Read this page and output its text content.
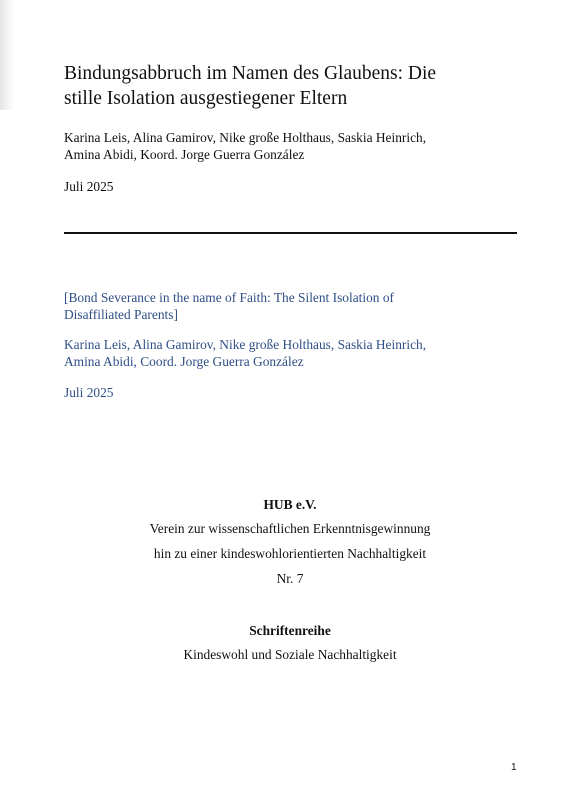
Bindungsabbruch im Namen des Glaubens: Die
stille Isolation ausgestiegener Eltern

Karina Leis, Alina Gamirov, Nike große Holthaus, Saskia Heinrich,
Amina Abidi, Koord. Jorge Guerra González

Juli 2025

[Bond Severance in the name of Faith: The Silent Isolation of
Disaffiliated Parents]

Karina Leis, Alina Gamirov, Nike große Holthaus, Saskia Heinrich,
Amina Abidi, Coord. Jorge Guerra González

Juli 2025

HUB e.V.

Verein zur wissenschaftlichen Erkenntnisgewinnung

hin zu einer kindeswohlorientierten Nachhaltigkeit

Nr. 7

Schriftenreihe

Kindeswohl und Soziale Nachhaltigkeit

1
